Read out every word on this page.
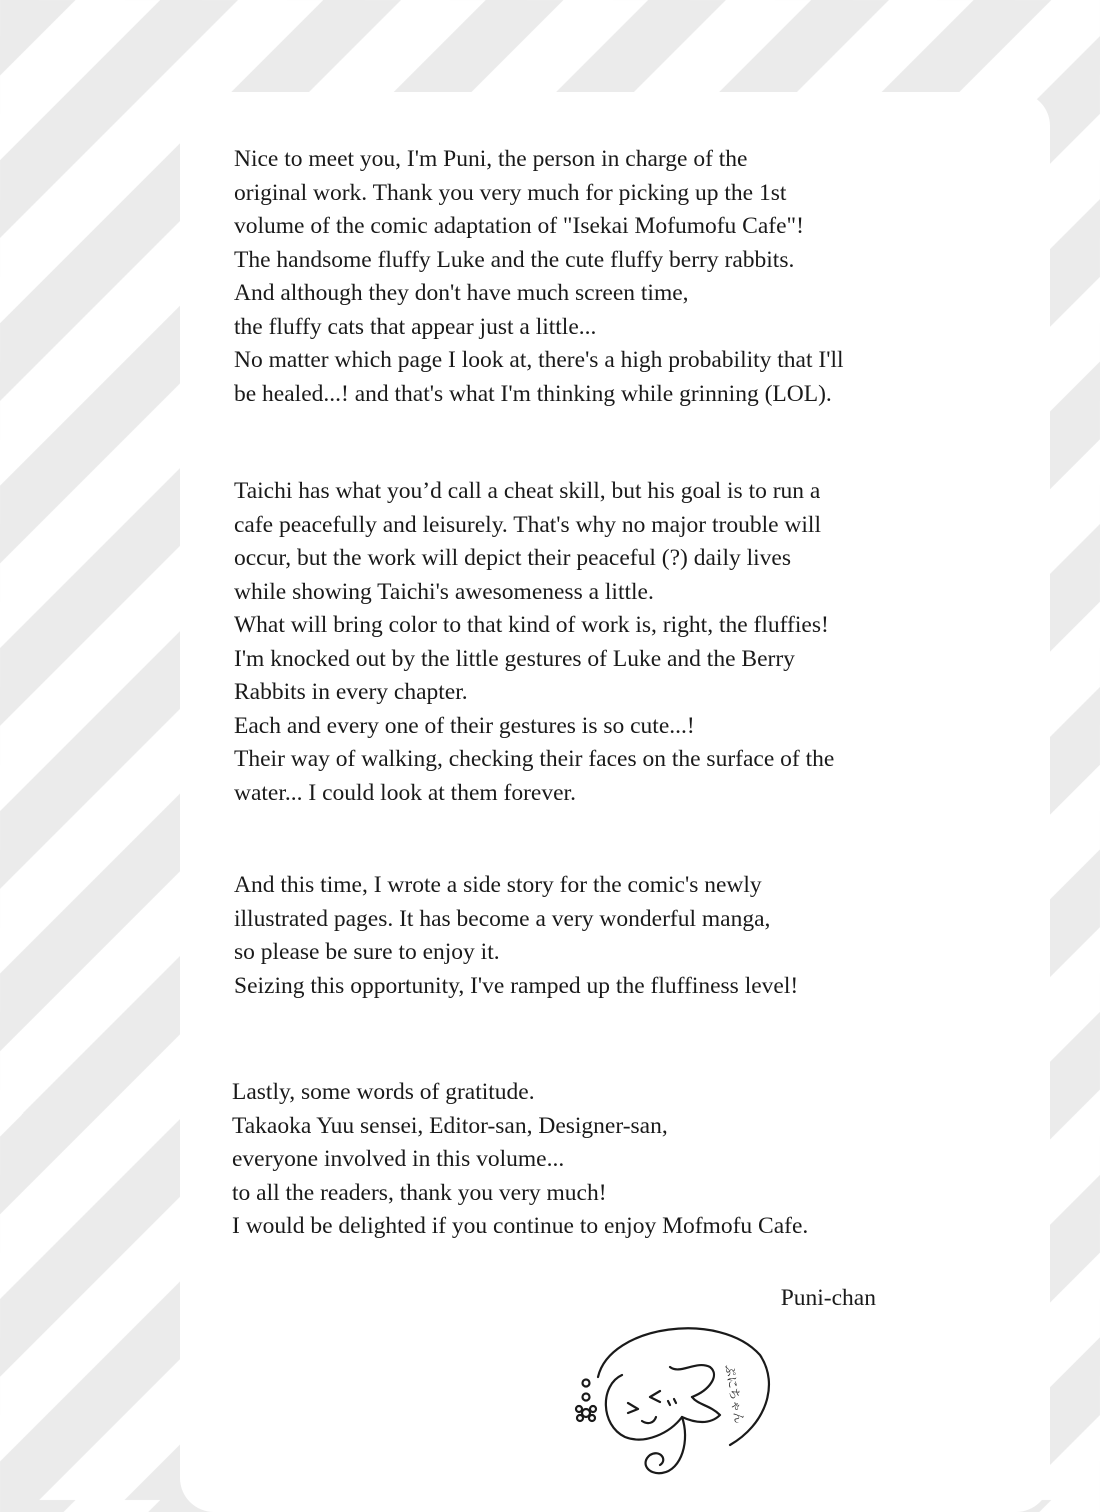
Nice to meet you, I'm Puni, the person in charge of the
original work. Thank you very much for picking up the 1st
volume of the comic adaptation of "Isekai Mofumofu Cafe"!
The handsome fluffy Luke and the cute fluffy berry rabbits.
And although they don't have much screen time,
the fluffy cats that appear just a little...
No matter which page I look at, there's a high probability that I'll
be healed...! and that's what I'm thinking while grinning (LOL).
Taichi has what you’d call a cheat skill, but his goal is to run a
cafe peacefully and leisurely. That's why no major trouble will
occur, but the work will depict their peaceful (?) daily lives
while showing Taichi's awesomeness a little.
What will bring color to that kind of work is, right, the fluffies!
I'm knocked out by the little gestures of Luke and the Berry
Rabbits in every chapter.
Each and every one of their gestures is so cute...!
Their way of walking, checking their faces on the surface of the
water... I could look at them forever.
And this time, I wrote a side story for the comic's newly
illustrated pages. It has become a very wonderful manga,
so please be sure to enjoy it.
Seizing this opportunity, I've ramped up the fluffiness level!
Lastly, some words of gratitude.
Takaoka Yuu sensei, Editor-san, Designer-san,
everyone involved in this volume...
to all the readers, thank you very much!
I would be delighted if you continue to enjoy Mofmofu Cafe.
Puni-chan
ぷにちゃん
